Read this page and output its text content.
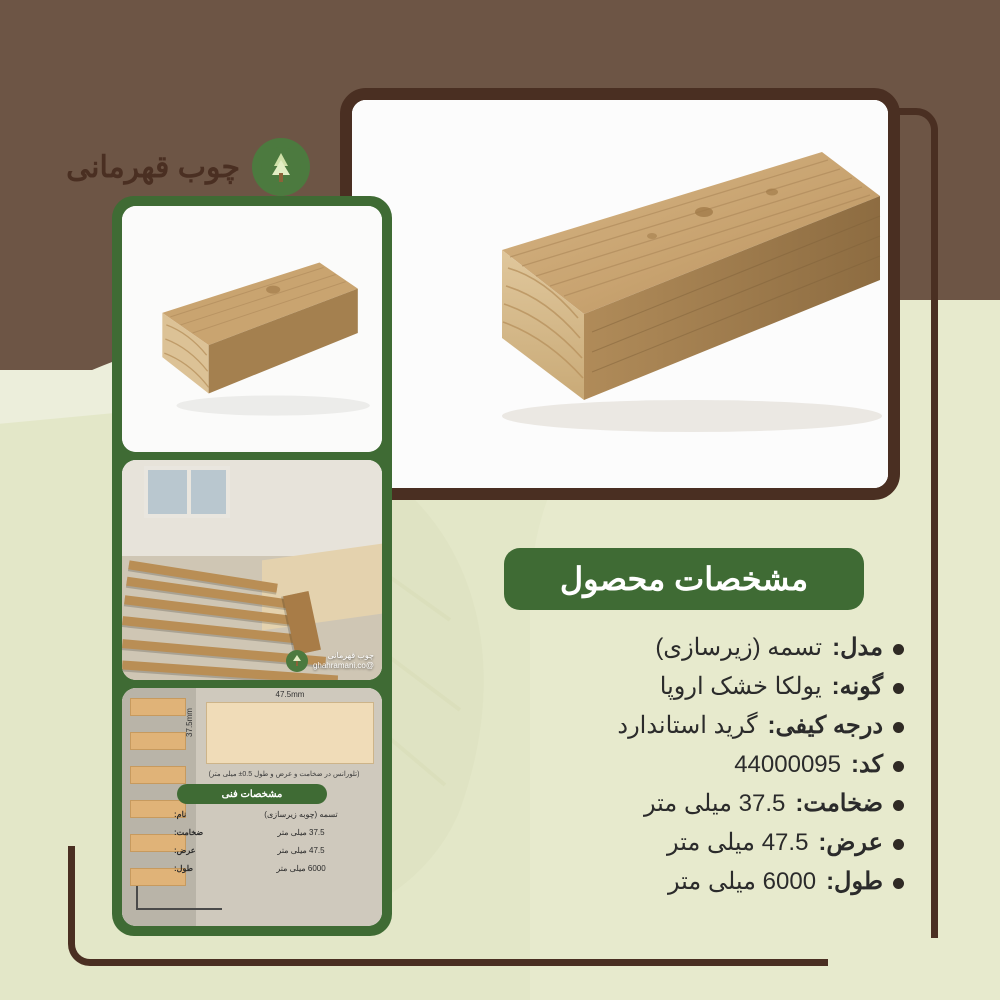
چوب قهرمانی
چوب قهرمانی
@ghahramani.co
47.5mm
37.5mm
(تلورانس در ضخامت و عرض و طول 0.5± میلی متر)
مشخصات فنی
تسمه (چوبه زیرسازی)
نام:
37.5 میلی متر
ضخامت:
47.5 میلی متر
عرض:
6000 میلی متر
طول:
مشخصات محصول
مدل:
تسمه (زیرسازی)
گونه:
یولکا خشک اروپا
درجه کیفی:
گرید استاندارد
کد:
44000095
ضخامت:
37.5 میلی متر
عرض:
47.5 میلی متر
طول:
6000 میلی متر
